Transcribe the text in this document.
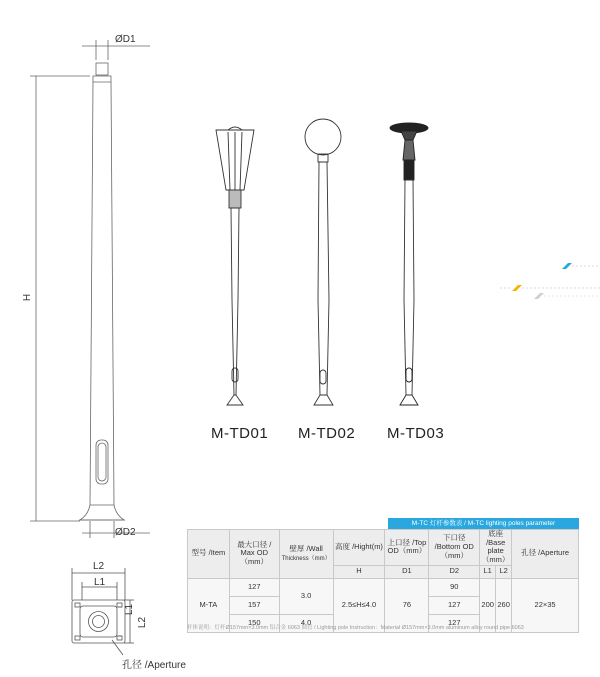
ØD1
H
ØD2
L2
L1
L1
L2
孔径 /Aperture
M-TD01 M-TD02 M-TD03
M-TC 灯杆参数表 / M-TC lighting poles parameter
型号 /Item	最大口径 / Max OD（mm）	壁厚 /Wall
Thickness（mm）	高度 /Hight(m)	上口径 /Top OD（mm）	下口径 /Bottom OD（mm）	底座 /Base plate（mm）		孔径 /Aperture
			H	D1	D2	L1	L2	
M-TA	127	3.0	2.5≤H≤4.0	76	90	200	260	22×35
	157				127			
	150	4.0			127			
杆体说明：灯杆Ø157mm×3.0mm 铝合金 6063 圆管 / Lighting pole Instruction：Material Ø157mm×3.0mm aluminum alloy round pipe 6063
